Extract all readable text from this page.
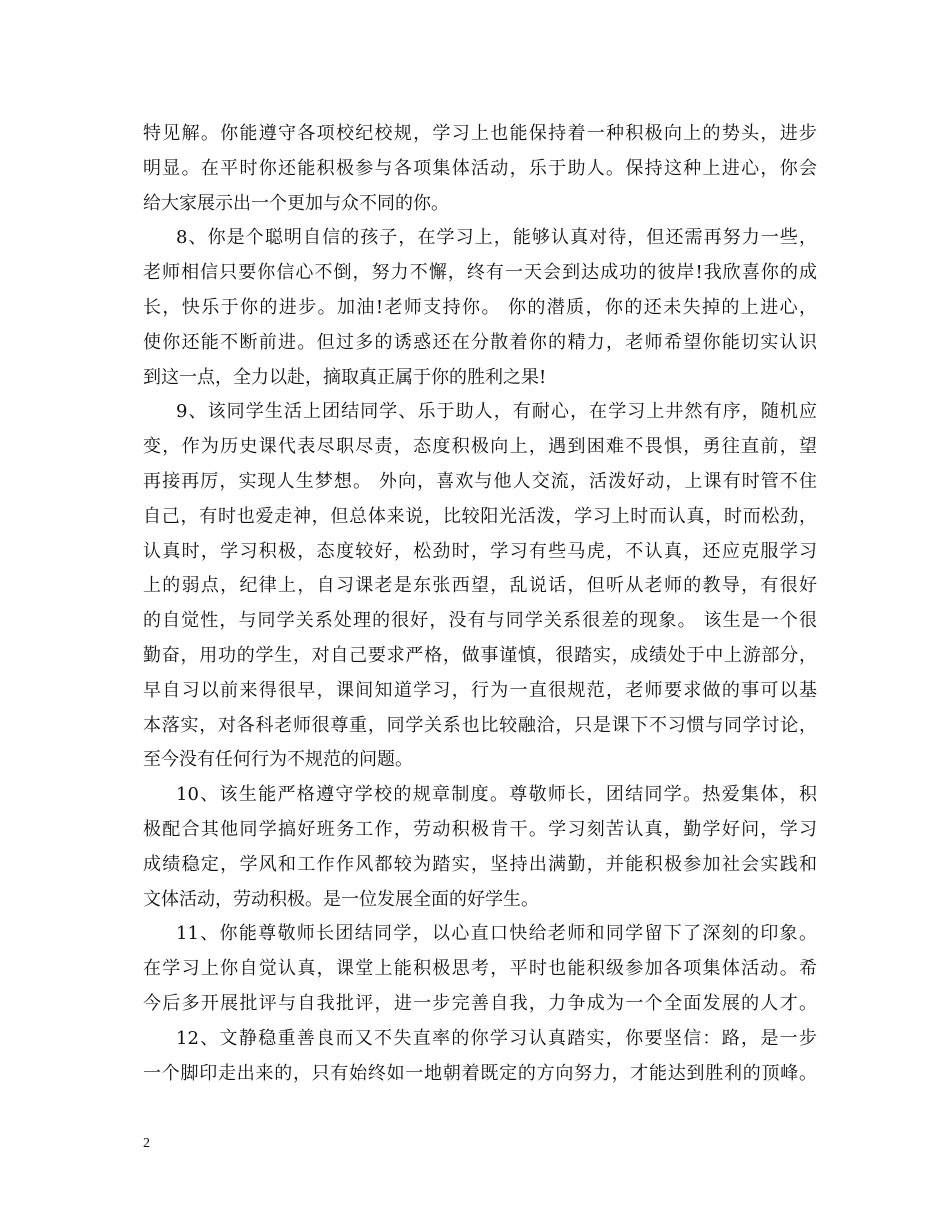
特见解。你能遵守各项校纪校规，学习上也能保持着一种积极向上的势头，进步
明显。在平时你还能积极参与各项集体活动，乐于助人。保持这种上进心，你会
给大家展示出一个更加与众不同的你。
8、你是个聪明自信的孩子，在学习上，能够认真对待，但还需再努力一些，
老师相信只要你信心不倒，努力不懈，终有一天会到达成功的彼岸!我欣喜你的成
长，快乐于你的进步。加油!老师支持你。 你的潜质，你的还未失掉的上进心，
使你还能不断前进。但过多的诱惑还在分散着你的精力，老师希望你能切实认识
到这一点，全力以赴，摘取真正属于你的胜利之果!
9、该同学生活上团结同学、乐于助人，有耐心，在学习上井然有序，随机应
变，作为历史课代表尽职尽责，态度积极向上，遇到困难不畏惧，勇往直前，望
再接再厉，实现人生梦想。 外向，喜欢与他人交流，活泼好动，上课有时管不住
自己，有时也爱走神，但总体来说，比较阳光活泼，学习上时而认真，时而松劲，
认真时，学习积极，态度较好，松劲时，学习有些马虎，不认真，还应克服学习
上的弱点，纪律上，自习课老是东张西望，乱说话，但听从老师的教导，有很好
的自觉性，与同学关系处理的很好，没有与同学关系很差的现象。 该生是一个很
勤奋，用功的学生，对自己要求严格，做事谨慎，很踏实，成绩处于中上游部分，
早自习以前来得很早，课间知道学习，行为一直很规范，老师要求做的事可以基
本落实，对各科老师很尊重，同学关系也比较融洽，只是课下不习惯与同学讨论，
至今没有任何行为不规范的问题。
10、该生能严格遵守学校的规章制度。尊敬师长，团结同学。热爱集体，积
极配合其他同学搞好班务工作，劳动积极肯干。学习刻苦认真，勤学好问，学习
成绩稳定，学风和工作作风都较为踏实，坚持出满勤，并能积极参加社会实践和
文体活动，劳动积极。是一位发展全面的好学生。
11、你能尊敬师长团结同学，以心直口快给老师和同学留下了深刻的印象。
在学习上你自觉认真，课堂上能积极思考，平时也能积级参加各项集体活动。希
今后多开展批评与自我批评，进一步完善自我，力争成为一个全面发展的人才。
12、文静稳重善良而又不失直率的你学习认真踏实，你要坚信：路，是一步
一个脚印走出来的，只有始终如一地朝着既定的方向努力，才能达到胜利的顶峰。
2
